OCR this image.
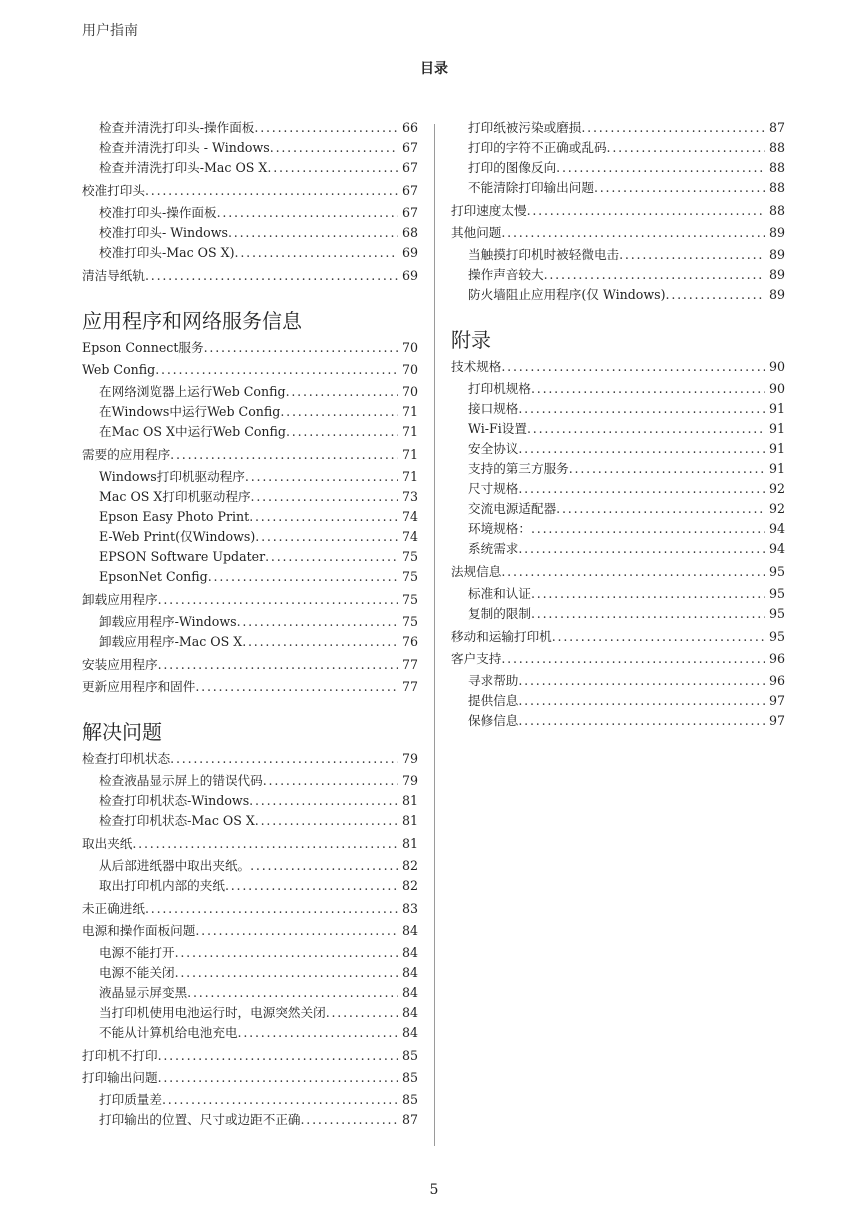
用户指南
目录
检查并清洗打印头-操作面板 .....	66
检查并清洗打印头 - Windows .....	67
检查并清洗打印头-Mac OS X .....	67
校准打印头 .....	67
校准打印头-操作面板 .....	67
校准打印头- Windows .....	68
校准打印头-Mac OS X) .....	69
清洁导纸轨 .....	69
应用程序和网络服务信息
Epson Connect服务 .....	70
Web Config .....	70
在网络浏览器上运行Web Config .....	70
在Windows中运行Web Config .....	71
在Mac OS X中运行Web Config .....	71
需要的应用程序 .....	71
Windows打印机驱动程序 .....	71
Mac OS X打印机驱动程序 .....	73
Epson Easy Photo Print .....	74
E-Web Print(仅Windows) .....	74
EPSON Software Updater .....	75
EpsonNet Config .....	75
卸载应用程序 .....	75
卸载应用程序-Windows .....	75
卸载应用程序-Mac OS X .....	76
安装应用程序 .....	77
更新应用程序和固件 .....	77
解决问题
检查打印机状态 .....	79
检查液晶显示屏上的错误代码 .....	79
检查打印机状态-Windows .....	81
检查打印机状态-Mac OS X .....	81
取出夹纸 .....	81
从后部进纸器中取出夹纸。 .....	82
取出打印机内部的夹纸 .....	82
未正确进纸 .....	83
电源和操作面板问题 .....	84
电源不能打开 .....	84
电源不能关闭 .....	84
液晶显示屏变黑 .....	84
当打印机使用电池运行时，电源突然关闭 .....	84
不能从计算机给电池充电 .....	84
打印机不打印 .....	85
打印输出问题 .....	85
打印质量差 .....	85
打印输出的位置、尺寸或边距不正确 .....	87
打印纸被污染或磨损 .....	87
打印的字符不正确或乱码 .....	88
打印的图像反向 .....	88
不能清除打印输出问题 .....	88
打印速度太慢 .....	88
其他问题 .....	89
当触摸打印机时被轻微电击 .....	89
操作声音较大 .....	89
防火墙阻止应用程序(仅 Windows) .....	89
附录
技术规格 .....	90
打印机规格 .....	90
接口规格 .....	91
Wi-Fi设置 .....	91
安全协议 .....	91
支持的第三方服务 .....	91
尺寸规格 .....	92
交流电源适配器 .....	92
环境规格： .....	94
系统需求 .....	94
法规信息 .....	95
标准和认证 .....	95
复制的限制 .....	95
移动和运输打印机 .....	95
客户支持 .....	96
寻求帮助 .....	96
提供信息 .....	97
保修信息 .....	97
5
